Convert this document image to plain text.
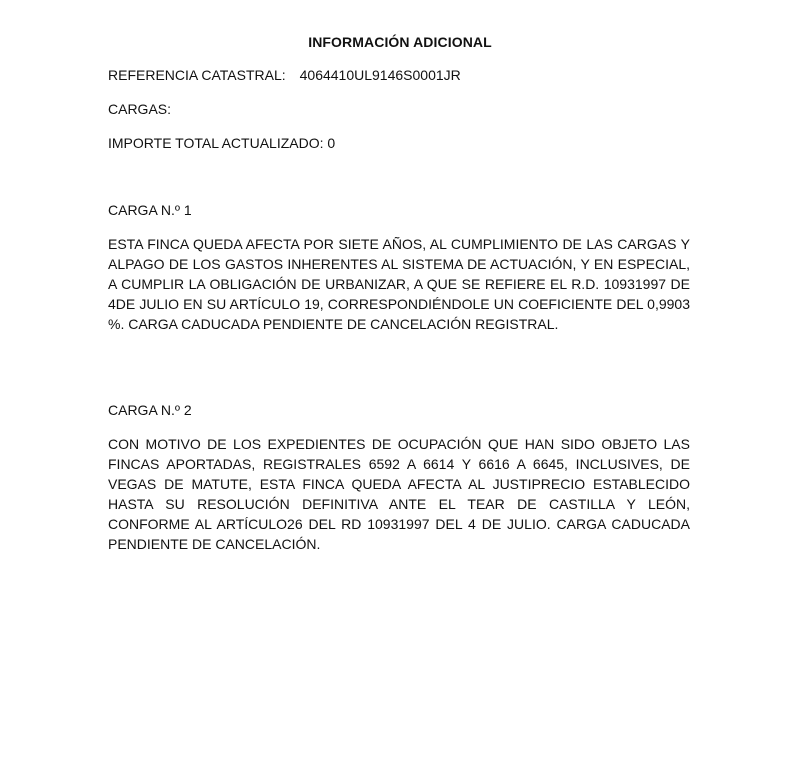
INFORMACIÓN ADICIONAL
REFERENCIA CATASTRAL: 4064410UL9146S0001JR
CARGAS:
IMPORTE TOTAL ACTUALIZADO: 0
CARGA N.º 1
ESTA FINCA QUEDA AFECTA POR SIETE AÑOS, AL CUMPLIMIENTO DE LAS CARGAS Y ALPAGO DE LOS GASTOS INHERENTES AL SISTEMA DE ACTUACIÓN, Y EN ESPECIAL, A CUMPLIR LA OBLIGACIÓN DE URBANIZAR, A QUE SE REFIERE EL R.D. 10931997 DE 4DE JULIO EN SU ARTÍCULO 19, CORRESPONDIÉNDOLE UN COEFICIENTE DEL 0,9903 %. CARGA CADUCADA PENDIENTE DE CANCELACIÓN REGISTRAL.
CARGA N.º 2
CON MOTIVO DE LOS EXPEDIENTES DE OCUPACIÓN QUE HAN SIDO OBJETO LAS FINCAS APORTADAS, REGISTRALES 6592 A 6614 Y 6616 A 6645, INCLUSIVES, DE VEGAS DE MATUTE, ESTA FINCA QUEDA AFECTA AL JUSTIPRECIO ESTABLECIDO HASTA SU RESOLUCIÓN DEFINITIVA ANTE EL TEAR DE CASTILLA Y LEÓN, CONFORME AL ARTÍCULO26 DEL RD 10931997 DEL 4 DE JULIO. CARGA CADUCADA PENDIENTE DE CANCELACIÓN.
